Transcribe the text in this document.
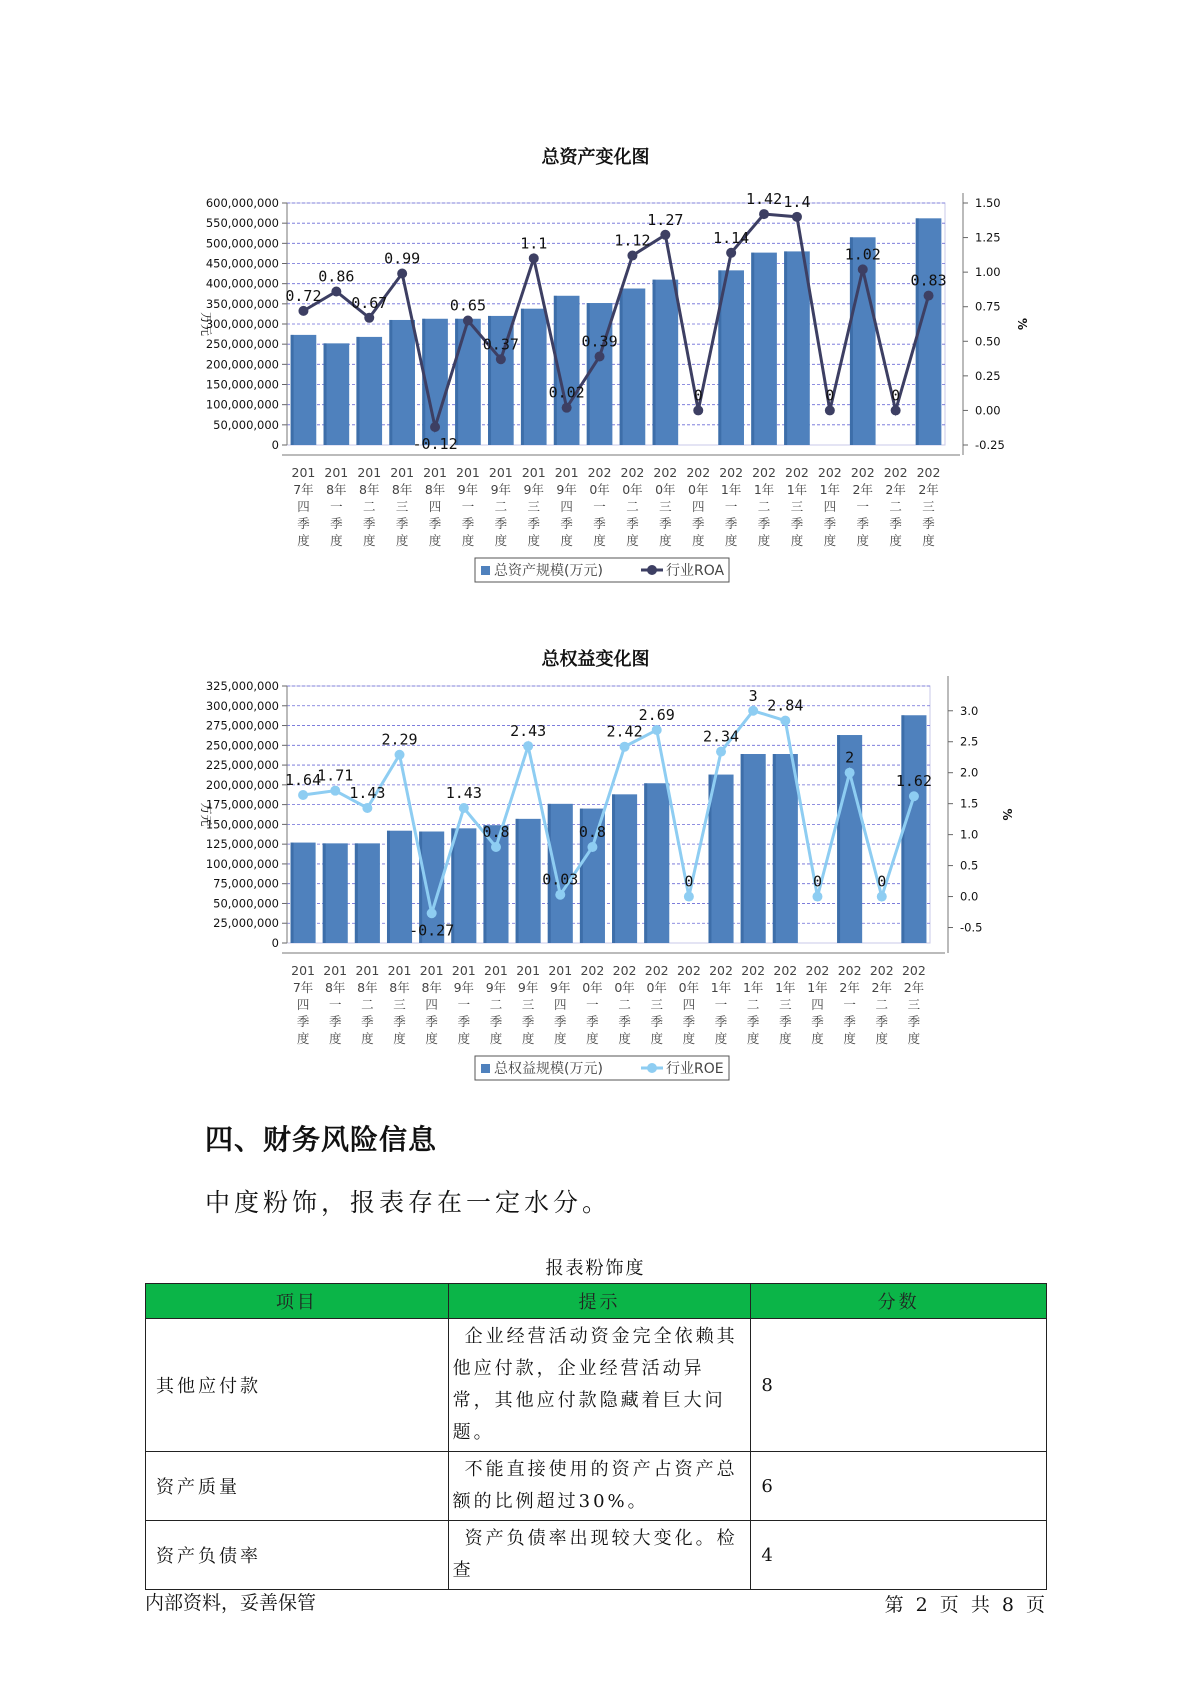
总资产变化图
0
50,000,000
100,000,000
150,000,000
200,000,000
250,000,000
300,000,000
350,000,000
400,000,000
450,000,000
500,000,000
550,000,000
600,000,000
-0.25
0.00
0.25
0.50
0.75
1.00
1.25
1.50
万元	%
201
7年
四
季
度
201
8年
一
季
度
201
8年
二
季
度
201
8年
三
季
度
201
8年
四
季
度
201
9年
一
季
度
201
9年
二
季
度
201
9年
三
季
度
201
9年
四
季
度
202
0年
一
季
度
202
0年
二
季
度
202
0年
三
季
度
202
0年
四
季
度
202
1年
一
季
度
202
1年
二
季
度
202
1年
三
季
度
202
1年
四
季
度
202
2年
一
季
度
202
2年
二
季
度
202
2年
三
季
度
0.72
0.86
0.67
0.99
-0.12
0.65
0.37
1.1
0.02
0.39
1.12
1.27
0
1.14
1.42 1.4
0
1.02
0
0.83
总资产规模(万元)	行业ROA
总权益变化图
0
25,000,000
50,000,000
75,000,000
100,000,000
125,000,000
150,000,000
175,000,000
200,000,000
225,000,000
250,000,000
275,000,000
300,000,000
325,000,000
-0.5
0.0
0.5
1.0
1.5
2.0
2.5
3.0
万元	%
201
7年
四
季
度
201
8年
一
季
度
201
8年
二
季
度
201
8年
三
季
度
201
8年
四
季
度
201
9年
一
季
度
201
9年
二
季
度
201
9年
三
季
度
201
9年
四
季
度
202
0年
一
季
度
202
0年
二
季
度
202
0年
三
季
度
202
0年
四
季
度
202
1年
一
季
度
202
1年
二
季
度
202
1年
三
季
度
202
1年
四
季
度
202
2年
一
季
度
202
2年
二
季
度
202
2年
三
季
度
1.64
1.71
1.43
2.29
-0.27
1.43
0.8
2.43
0.03
0.8
2.42
2.69
0
2.34
3
2.84
0
2
0
1.62
总权益规模(万元)	行业ROE
四、财务风险信息
中度粉饰，报表存在一定水分。
报表粉饰度
项目	提示	分数
其他应付款	企业经营活动资金完全依赖其他应付款，企业经营活动异常，其他应付款隐藏着巨大问题。	8
资产质量	不能直接使用的资产占资产总额的比例超过30%。	6
资产负债率	资产负债率出现较大变化。检查	4
内部资料，妥善保管	第 2 页 共 8 页
